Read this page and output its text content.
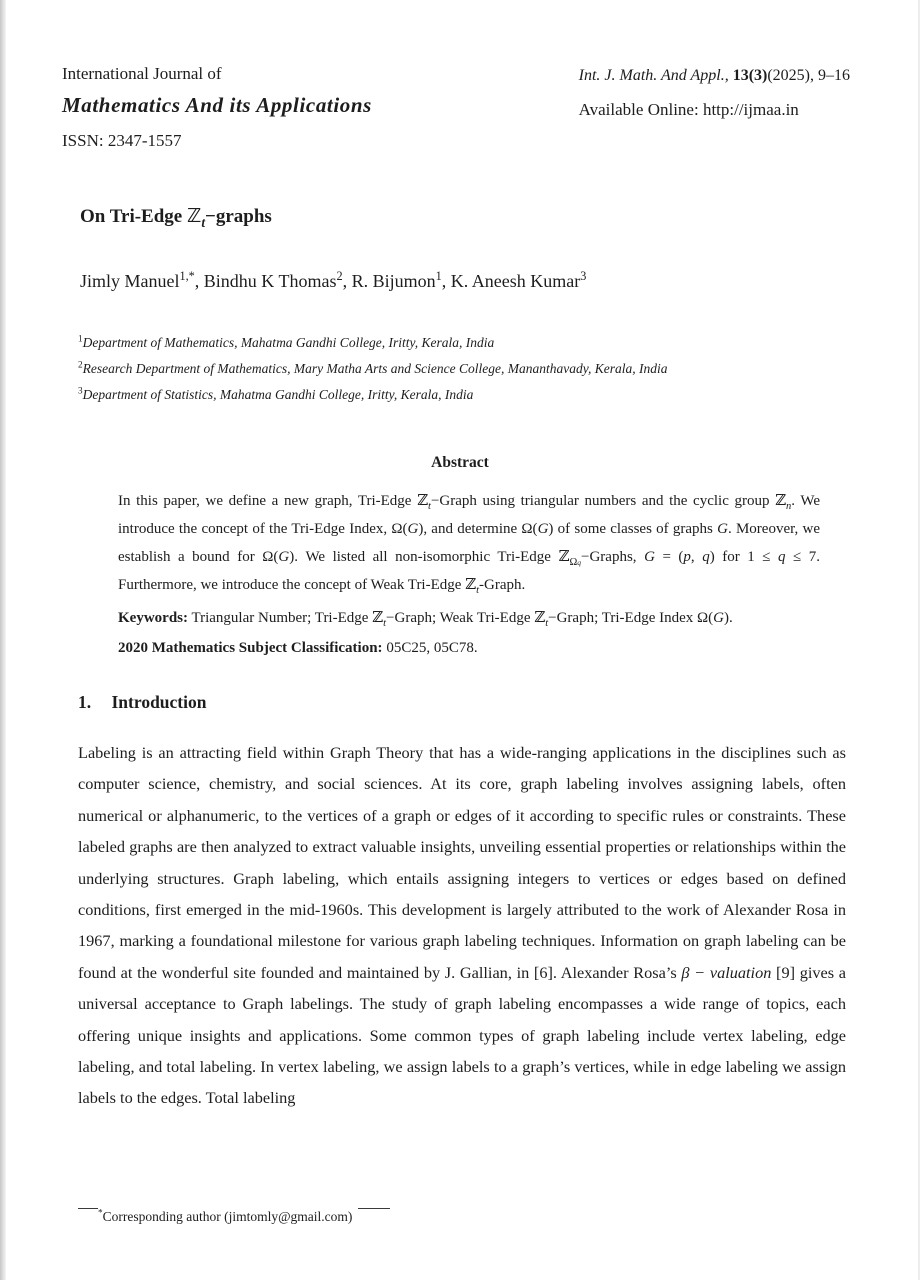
International Journal of

Mathematics And its Applications

ISSN: 2347-1557

Int. J. Math. And Appl., 13(3)(2025), 9–16

Available Online: http://ijmaa.in

On Tri-Edge ℤ$_t$−graphs

Jimly Manuel$^{1,*}$, Bindhu K Thomas$^2$, R. Bijumon$^1$, K. Aneesh Kumar$^3$

$^1$Department of Mathematics, Mahatma Gandhi College, Iritty, Kerala, India

$^2$Research Department of Mathematics, Mary Matha Arts and Science College, Mananthavady, Kerala, India

$^3$Department of Statistics, Mahatma Gandhi College, Iritty, Kerala, India

Abstract

In this paper, we define a new graph, Tri-Edge ℤ$_t$−Graph using triangular numbers and the cyclic group ℤ$_n$. We introduce the concept of the Tri-Edge Index, Ω(G), and determine Ω(G) of some classes of graphs G. Moreover, we establish a bound for Ω(G). We listed all non-isomorphic Tri-Edge ℤ$_{\Omega q}$−Graphs, G = (p, q) for 1 ≤ q ≤ 7. Furthermore, we introduce the concept of Weak Tri-Edge ℤ$_t$-Graph.

Keywords: Triangular Number; Tri-Edge ℤ$_t$−Graph; Weak Tri-Edge ℤ$_t$−Graph; Tri-Edge Index Ω(G).

2020 Mathematics Subject Classification: 05C25, 05C78.

1. Introduction

Labeling is an attracting field within Graph Theory that has a wide-ranging applications in the disciplines such as computer science, chemistry, and social sciences. At its core, graph labeling involves assigning labels, often numerical or alphanumeric, to the vertices of a graph or edges of it according to specific rules or constraints. These labeled graphs are then analyzed to extract valuable insights, unveiling essential properties or relationships within the underlying structures. Graph labeling, which entails assigning integers to vertices or edges based on defined conditions, first emerged in the mid-1960s. This development is largely attributed to the work of Alexander Rosa in 1967, marking a foundational milestone for various graph labeling techniques. Information on graph labeling can be found at the wonderful site founded and maintained by J. Gallian, in [6]. Alexander Rosa’s β − valuation [9] gives a universal acceptance to Graph labelings. The study of graph labeling encompasses a wide range of topics, each offering unique insights and applications. Some common types of graph labeling include vertex labeling, edge labeling, and total labeling. In vertex labeling, we assign labels to a graph’s vertices, while in edge labeling we assign labels to the edges. Total labeling

*Corresponding author (jimtomly@gmail.com)
